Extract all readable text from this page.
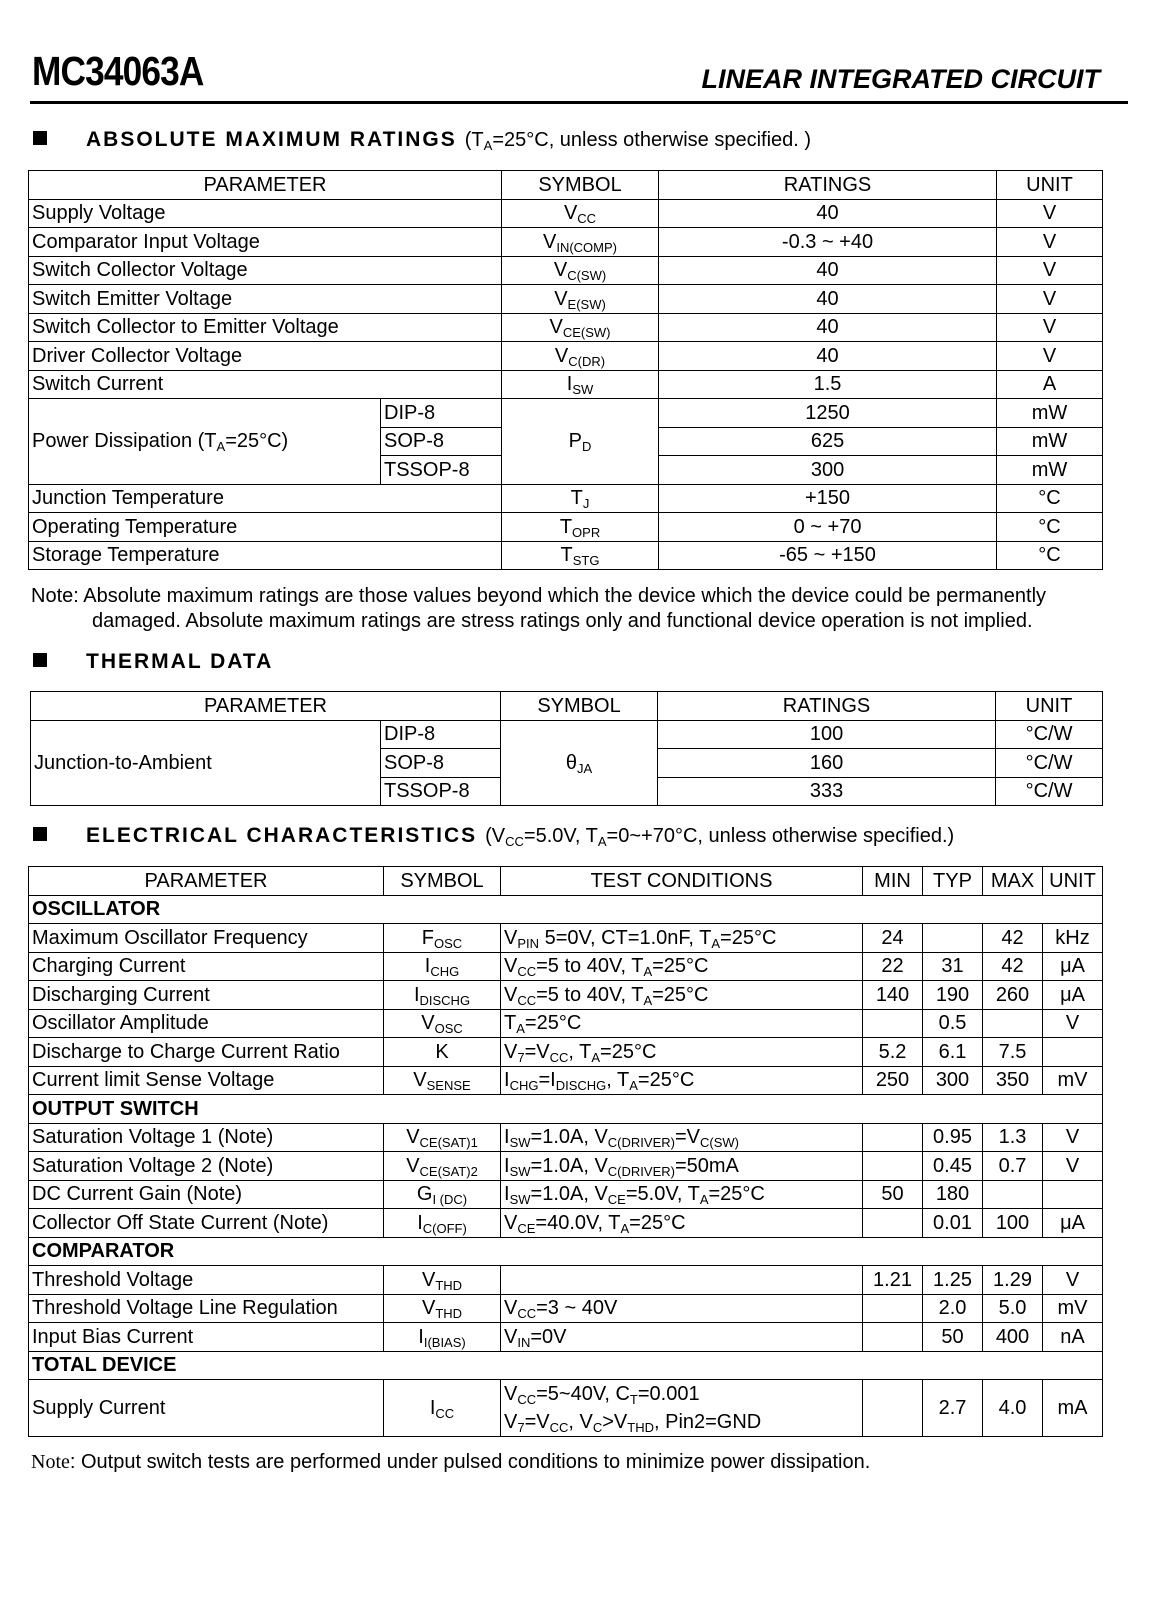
MC34063A	LINEAR INTEGRATED CIRCUIT
ABSOLUTE MAXIMUM RATINGS ($T_A=25^\circ C$, unless otherwise specified. )
PARAMETER		SYMBOL	RATINGS	UNIT
Supply Voltage		$V_{CC}$	40	V
Comparator Input Voltage		$V_{IN(COMP)}$	-0.3 ~ +40	V
Switch Collector Voltage		$V_{C(SW)}$	40	V
Switch Emitter Voltage		$V_{E(SW)}$	40	V
Switch Collector to Emitter Voltage		$V_{CE(SW)}$	40	V
Driver Collector Voltage		$V_{C(DR)}$	40	V
Switch Current		$I_{SW}$	1.5	A
Power Dissipation $(T_A=25^\circ C)$	DIP-8	$P_D$	1250	mW
	SOP-8		625	mW
	TSSOP-8		300	mW
Junction Temperature		$T_J$	+150	°C
Operating Temperature		$T_{OPR}$	0 ~ +70	°C
Storage Temperature		$T_{STG}$	-65 ~ +150	°C
Note: Absolute maximum ratings are those values beyond which the device which the device could be permanently
damaged. Absolute maximum ratings are stress ratings only and functional device operation is not implied.
THERMAL DATA
PARAMETER		SYMBOL	RATINGS	UNIT
Junction-to-Ambient	DIP-8	$\theta_{JA}$	100	°C/W
	SOP-8		160	°C/W
	TSSOP-8		333	°C/W
ELECTRICAL CHARACTERISTICS ($V_{CC}=5.0V$, $T_A=0\sim+70^\circ C$, unless otherwise specified.)
PARAMETER	SYMBOL	TEST CONDITIONS	MIN	TYP	MAX	UNIT
OSCILLATOR						
Maximum Oscillator Frequency	$F_{OSC}$	$V_{PIN}$ 5=0V, CT=1.0nF, $T_A=25^\circ C$	24		42	kHz
Charging Current	$I_{CHG}$	$V_{CC}=5$ to 40V, $T_A=25^\circ C$	22	31	42	μA
Discharging Current	$I_{DISCHG}$	$V_{CC}=5$ to 40V, $T_A=25^\circ C$	140	190	260	μA
Oscillator Amplitude	$V_{OSC}$	$T_A=25^\circ C$		0.5		V
Discharge to Charge Current Ratio	K	$V_7=V_{CC}$, $T_A=25^\circ C$	5.2	6.1	7.5	
Current limit Sense Voltage	$V_{SENSE}$	$I_{CHG}=I_{DISCHG}$, $T_A=25^\circ C$	250	300	350	mV
OUTPUT SWITCH						
Saturation Voltage 1 (Note)	$V_{CE(SAT)1}$	$I_{SW}=1.0A$, $V_{C(DRIVER)}=V_{C(SW)}$		0.95	1.3	V
Saturation Voltage 2 (Note)	$V_{CE(SAT)2}$	$I_{SW}=1.0A$, $V_{C(DRIVER)}=50mA$		0.45	0.7	V
DC Current Gain (Note)	$G_{I (DC)}$	$I_{SW}=1.0A$, $V_{CE}=5.0V$, $T_A=25^\circ C$	50	180		
Collector Off State Current (Note)	$I_{C(OFF)}$	$V_{CE}=40.0V$, $T_A=25^\circ C$		0.01	100	μA
COMPARATOR						
Threshold Voltage	$V_{THD}$		1.21	1.25	1.29	V
Threshold Voltage Line Regulation	$V_{THD}$	$V_{CC}=3$ ~ 40V		2.0	5.0	mV
Input Bias Current	$I_{I(BIAS)}$	$V_{IN}=0V$		50	400	nA
TOTAL DEVICE						
Supply Current	$I_{CC}$	$V_{CC}=5\sim 40V$, $C_T=0.001$
$V_7=V_{CC}$, $V_C>V_{THD}$, Pin2=GND		2.7	4.0	mA
Note: Output switch tests are performed under pulsed conditions to minimize power dissipation.
